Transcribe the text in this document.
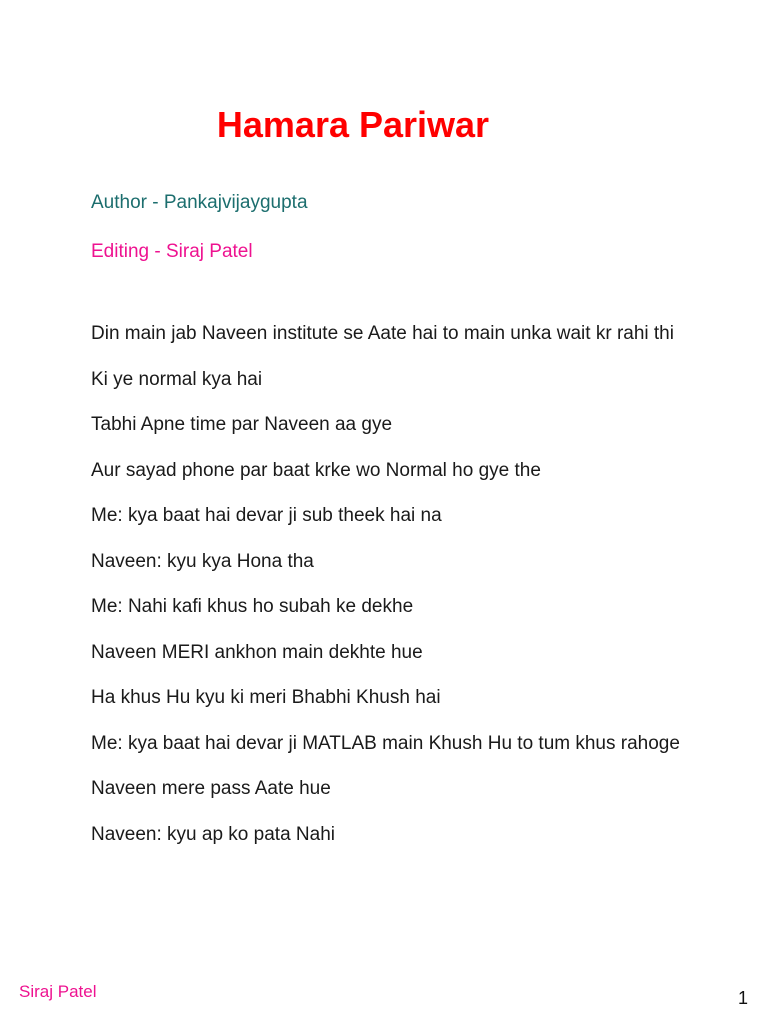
Hamara Pariwar

Author - Pankajvijaygupta

Editing - Siraj Patel

Din main jab Naveen institute se Aate hai to main unka wait kr rahi thi

Ki ye normal kya hai

Tabhi Apne time par Naveen aa gye

Aur sayad phone par baat krke wo Normal ho gye the

Me: kya baat hai devar ji sub theek hai na

Naveen: kyu kya Hona tha

Me: Nahi kafi khus ho subah ke dekhe

Naveen MERI ankhon main dekhte hue

Ha khus Hu kyu ki meri Bhabhi Khush hai

Me: kya baat hai devar ji MATLAB main Khush Hu to tum khus rahoge

Naveen mere pass Aate hue

Naveen: kyu ap ko pata Nahi

Siraj Patel	1
